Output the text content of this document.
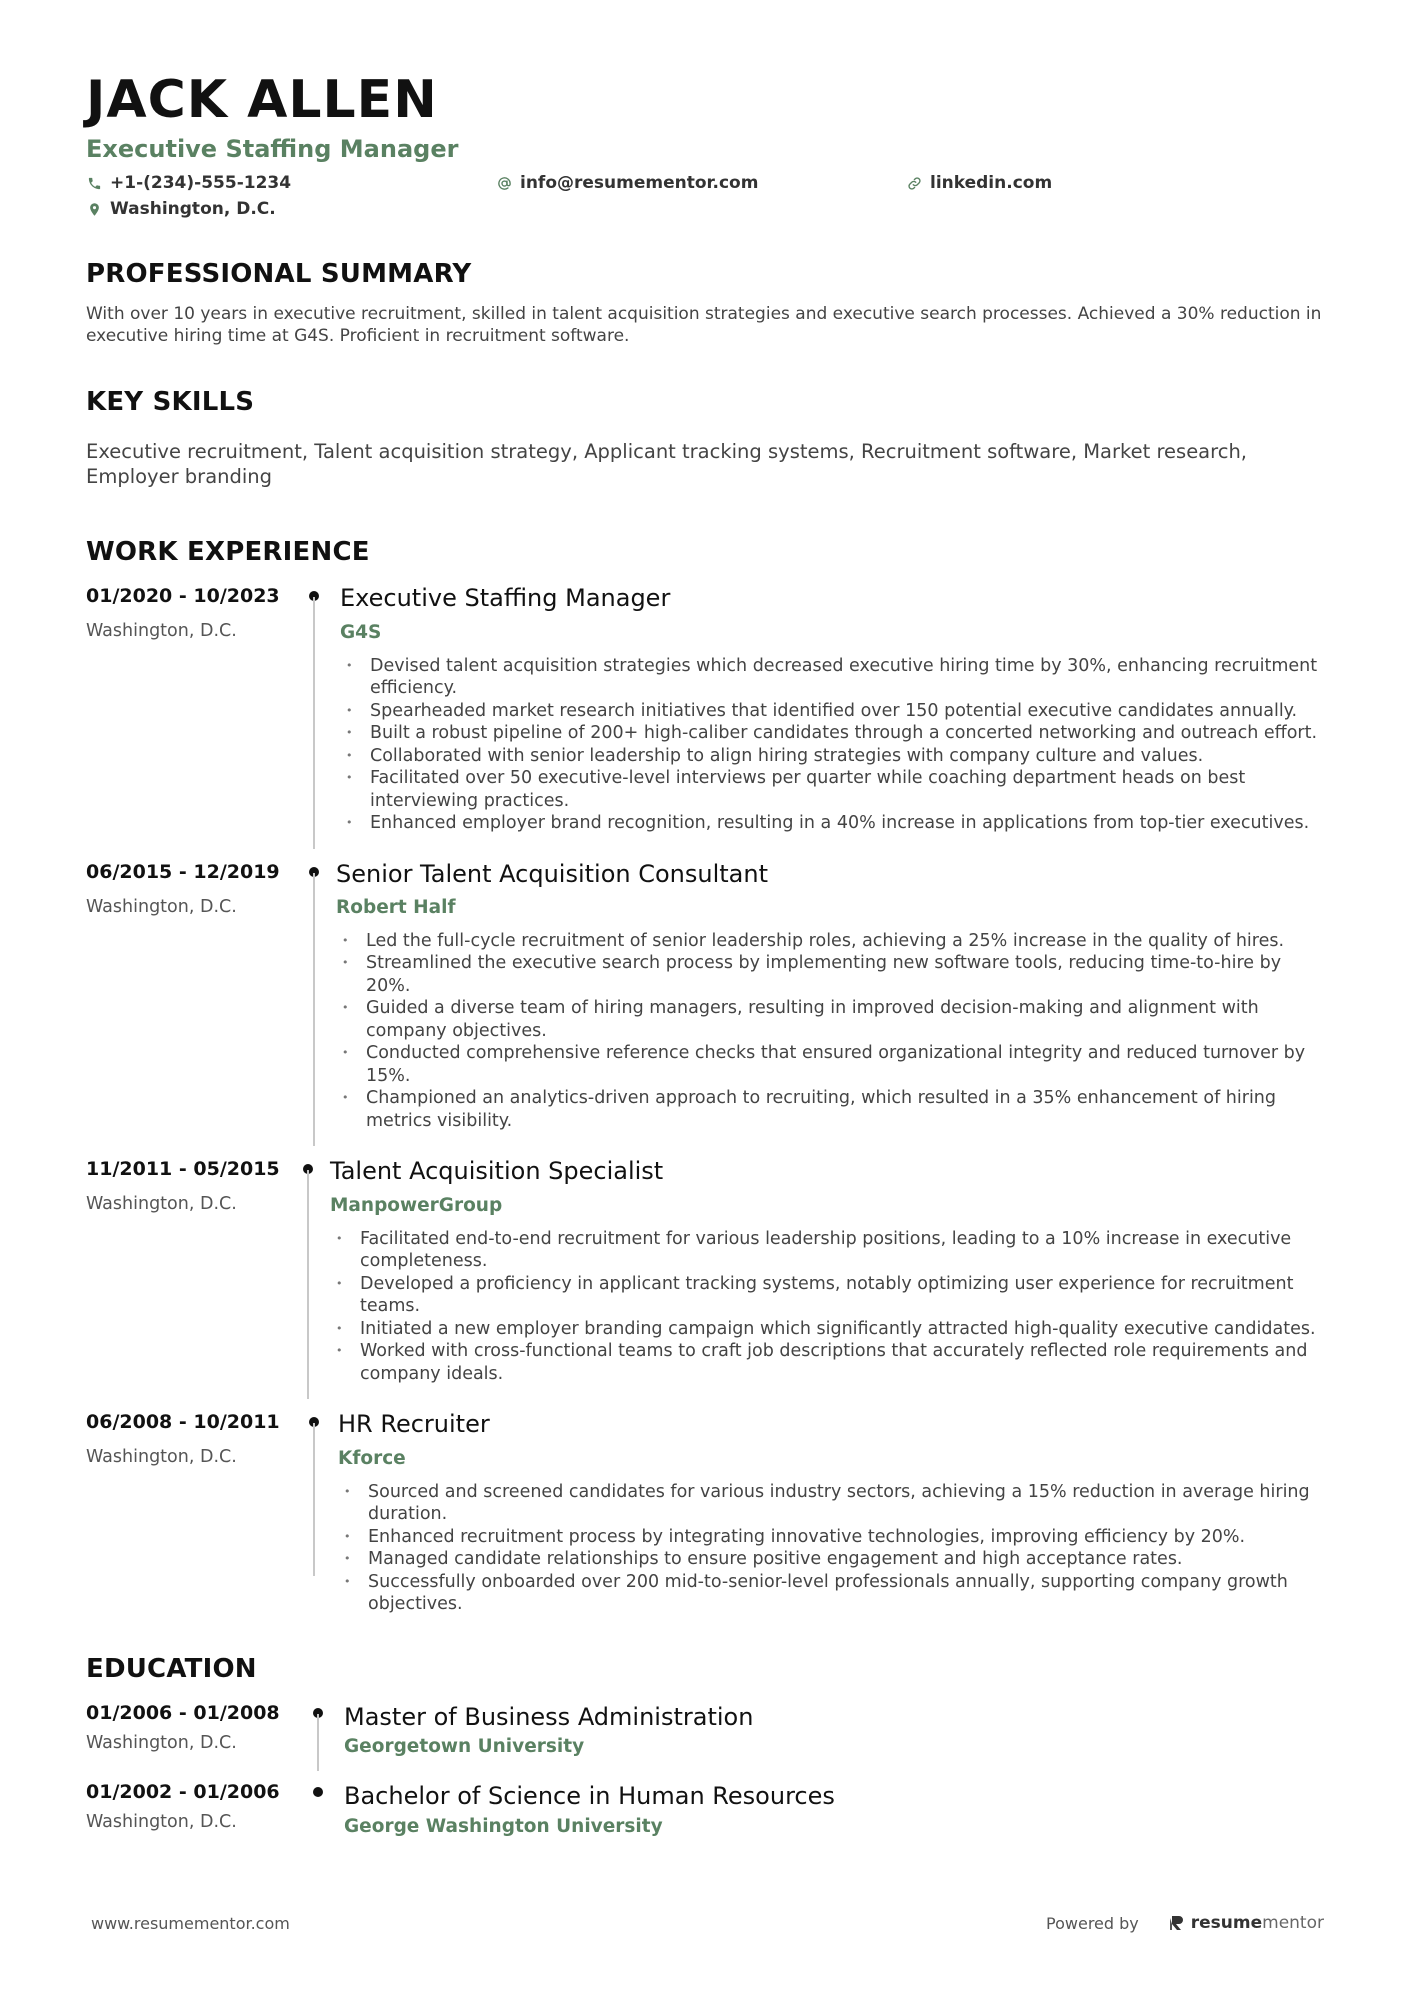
JACK ALLEN
Executive Staffing Manager
+1-(234)-555-1234	info@resumementor.com	linkedin.com
Washington, D.C.
PROFESSIONAL SUMMARY

With over 10 years in executive recruitment, skilled in talent acquisition strategies and executive search processes. Achieved a 30% reduction in executive hiring time at G4S. Proficient in recruitment software.

KEY SKILLS

Executive recruitment, Talent acquisition strategy, Applicant tracking systems, Recruitment software, Market research, Employer branding

WORK EXPERIENCE
01/2020 - 10/2023
Washington, D.C.
Executive Staffing Manager
G4S
• Devised talent acquisition strategies which decreased executive hiring time by 30%, enhancing recruitment efficiency.
• Spearheaded market research initiatives that identified over 150 potential executive candidates annually.
• Built a robust pipeline of 200+ high-caliber candidates through a concerted networking and outreach effort.
• Collaborated with senior leadership to align hiring strategies with company culture and values.
• Facilitated over 50 executive-level interviews per quarter while coaching department heads on best interviewing practices.
• Enhanced employer brand recognition, resulting in a 40% increase in applications from top-tier executives.
06/2015 - 12/2019
Washington, D.C.
Senior Talent Acquisition Consultant
Robert Half
• Led the full-cycle recruitment of senior leadership roles, achieving a 25% increase in the quality of hires.
• Streamlined the executive search process by implementing new software tools, reducing time-to-hire by 20%.
• Guided a diverse team of hiring managers, resulting in improved decision-making and alignment with company objectives.
• Conducted comprehensive reference checks that ensured organizational integrity and reduced turnover by 15%.
• Championed an analytics-driven approach to recruiting, which resulted in a 35% enhancement of hiring metrics visibility.
11/2011 - 05/2015
Washington, D.C.
Talent Acquisition Specialist
ManpowerGroup
• Facilitated end-to-end recruitment for various leadership positions, leading to a 10% increase in executive completeness.
• Developed a proficiency in applicant tracking systems, notably optimizing user experience for recruitment teams.
• Initiated a new employer branding campaign which significantly attracted high-quality executive candidates.
• Worked with cross-functional teams to craft job descriptions that accurately reflected role requirements and company ideals.
06/2008 - 10/2011
Washington, D.C.
HR Recruiter
Kforce
• Sourced and screened candidates for various industry sectors, achieving a 15% reduction in average hiring duration.
• Enhanced recruitment process by integrating innovative technologies, improving efficiency by 20%.
• Managed candidate relationships to ensure positive engagement and high acceptance rates.
• Successfully onboarded over 200 mid-to-senior-level professionals annually, supporting company growth objectives.
EDUCATION
01/2006 - 01/2008
Washington, D.C.
Master of Business Administration
Georgetown University
01/2002 - 01/2006
Washington, D.C.
Bachelor of Science in Human Resources
George Washington University
www.resumementor.com	Powered by	resume mentor
